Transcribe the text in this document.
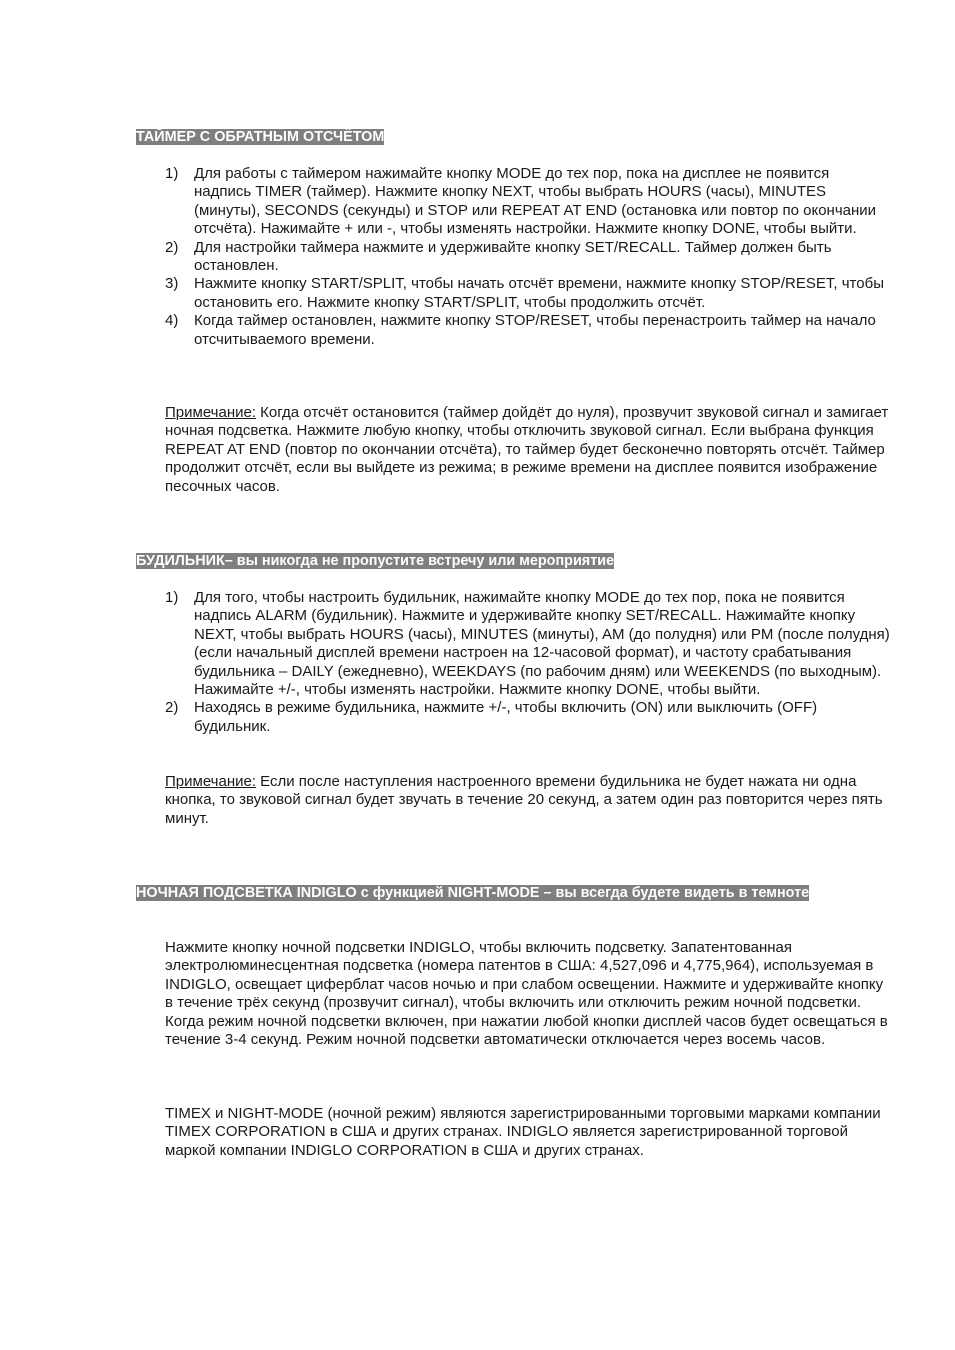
ТАЙМЕР С ОБРАТНЫМ ОТСЧЁТОМ
1) Для работы с таймером нажимайте кнопку MODE до тех пор, пока на дисплее не появится надпись TIMER (таймер). Нажмите кнопку NEXT, чтобы выбрать HOURS (часы), MINUTES (минуты), SECONDS (секунды) и STOP или REPEAT AT END (остановка или повтор по окончании отсчёта). Нажимайте + или -, чтобы изменять настройки. Нажмите кнопку DONE, чтобы выйти.
2) Для настройки таймера нажмите и удерживайте кнопку SET/RECALL. Таймер должен быть остановлен.
3) Нажмите кнопку START/SPLIT, чтобы начать отсчёт времени, нажмите кнопку STOP/RESET, чтобы остановить его. Нажмите кнопку START/SPLIT, чтобы продолжить отсчёт.
4) Когда таймер остановлен, нажмите кнопку STOP/RESET, чтобы перенастроить таймер на начало отсчитываемого времени.

Примечание: Когда отсчёт остановится (таймер дойдёт до нуля), прозвучит звуковой сигнал и замигает ночная подсветка. Нажмите любую кнопку, чтобы отключить звуковой сигнал. Если выбрана функция REPEAT AT END (повтор по окончании отсчёта), то таймер будет бесконечно повторять отсчёт. Таймер продолжит отсчёт, если вы выйдете из режима; в режиме времени на дисплее появится изображение песочных часов.

БУДИЛЬНИК– вы никогда не пропустите встречу или мероприятие
1) Для того, чтобы настроить будильник, нажимайте кнопку MODE до тех пор, пока не появится надпись ALARM (будильник). Нажмите и удерживайте кнопку SET/RECALL. Нажимайте кнопку NEXT, чтобы выбрать HOURS (часы), MINUTES (минуты), AM (до полудня) или PM (после полудня) (если начальный дисплей времени настроен на 12-часовой формат), и частоту срабатывания будильника – DAILY (ежедневно), WEEKDAYS (по рабочим дням) или WEEKENDS (по выходным). Нажимайте +/-, чтобы изменять настройки. Нажмите кнопку DONE, чтобы выйти.
2) Находясь в режиме будильника, нажмите +/-, чтобы включить (ON) или выключить (OFF) будильник.

Примечание: Если после наступления настроенного времени будильника не будет нажата ни одна кнопка, то звуковой сигнал будет звучать в течение 20 секунд, а затем один раз повторится через пять минут.

НОЧНАЯ ПОДСВЕТКА INDIGLO с функцией NIGHT-MODE – вы всегда будете видеть в темноте

Нажмите кнопку ночной подсветки INDIGLO, чтобы включить подсветку. Запатентованная электролюминесцентная подсветка (номера патентов в США: 4,527,096 и 4,775,964), используемая в INDIGLO, освещает циферблат часов ночью и при слабом освещении. Нажмите и удерживайте кнопку в течение трёх секунд (прозвучит сигнал), чтобы включить или отключить режим ночной подсветки. Когда режим ночной подсветки включен, при нажатии любой кнопки дисплей часов будет освещаться в течение 3-4 секунд. Режим ночной подсветки автоматически отключается через восемь часов.

TIMEX и NIGHT-MODE (ночной режим) являются зарегистрированными торговыми марками компании TIMEX CORPORATION в США и других странах. INDIGLO является зарегистрированной торговой маркой компании INDIGLO CORPORATION в США и других странах.
